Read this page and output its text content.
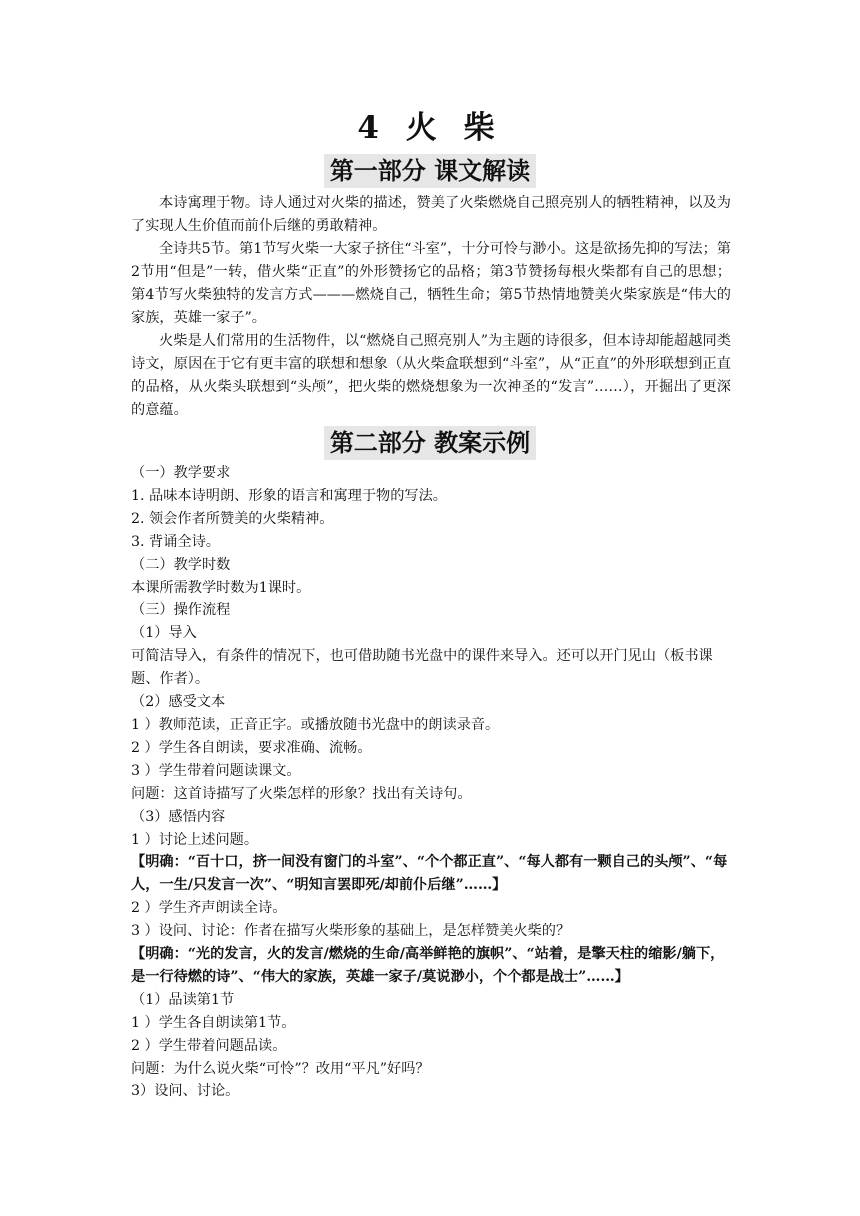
4 火 柴
第一部分 课文解读

本诗寓理于物。诗人通过对火柴的描述，赞美了火柴燃烧自己照亮别人的牺牲精神，以及为了实现人生价值而前仆后继的勇敢精神。

全诗共5节。第1节写火柴一大家子挤住“斗室”，十分可怜与渺小。这是欲扬先抑的写法；第2节用“但是”一转，借火柴“正直”的外形赞扬它的品格；第3节赞扬每根火柴都有自己的思想；第4节写火柴独特的发言方式———燃烧自己，牺牲生命；第5节热情地赞美火柴家族是“伟大的家族，英雄一家子”。

火柴是人们常用的生活物件，以“燃烧自己照亮别人”为主题的诗很多，但本诗却能超越同类诗文，原因在于它有更丰富的联想和想象（从火柴盒联想到“斗室”，从“正直”的外形联想到正直的品格，从火柴头联想到“头颅”，把火柴的燃烧想象为一次神圣的“发言”……），开掘出了更深的意蕴。

第二部分 教案示例
（一）教学要求
1. 品味本诗明朗、形象的语言和寓理于物的写法。
2. 领会作者所赞美的火柴精神。
3. 背诵全诗。
（二）教学时数
本课所需教学时数为1课时。
（三）操作流程
（1）导入
可简洁导入，有条件的情况下，也可借助随书光盘中的课件来导入。还可以开门见山（板书课题、作者）。
（2）感受文本
1 ）教师范读，正音正字。或播放随书光盘中的朗读录音。
2 ）学生各自朗读，要求准确、流畅。
3 ）学生带着问题读课文。
问题：这首诗描写了火柴怎样的形象？找出有关诗句。
（3）感悟内容
1 ）讨论上述问题。
【明确：“百十口，挤一间没有窗门的斗室”、“个个都正直”、“每人都有一颗自己的头颅”、“每人，一生/只发言一次”、“明知言罢即死/却前仆后继”……】
2 ）学生齐声朗读全诗。
3 ）设问、讨论：作者在描写火柴形象的基础上，是怎样赞美火柴的？
【明确：“光的发言，火的发言/燃烧的生命/高举鲜艳的旗帜”、“站着，是擎天柱的缩影/躺下，是一行待燃的诗”、“伟大的家族，英雄一家子/莫说渺小，个个都是战士”……】
（1）品读第1节
1 ）学生各自朗读第1节。
2 ）学生带着问题品读。
问题：为什么说火柴“可怜”？改用“平凡”好吗？
3）设问、讨论。
